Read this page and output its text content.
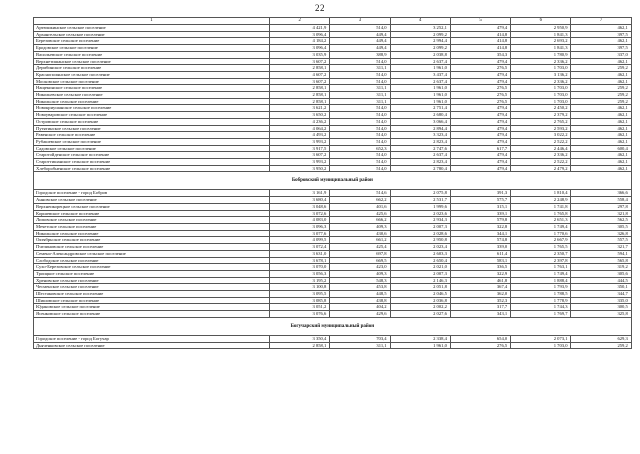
22
1	2	3	4	5	6	7
Артюшкинское сельское поселение	4 421,9	514,0	3 252,1	479,4	2 950,9	462,1
Архангельское сельское поселение	3 096,4	449,4	2 099,2	414,8	1 841,3	397,5
Березовское сельское поселение	4 184,2	449,4	2 994,4	414,8	2 693,2	462,1
Бродовское сельское поселение	3 096,4	449,4	2 099,2	414,8	1 841,3	397,5
Васильевское сельское поселение	3 035,9	388,9	2 038,8	354,3	1 780,9	337,0
Верхнетишанское сельское поселение	3 607,2	514,0	2 637,4	479,4	2 336,2	462,1
Дерибинское сельское поселение	2 858,1	311,1	1 961,0	276,5	1 703,0	259,2
Краснополянское сельское поселение	4 607,2	514,0	3 437,4	479,4	3 136,2	462,1
Московское сельское поселение	3 607,2	514,0	2 637,4	479,4	2 336,2	462,1
Нащекинское сельское поселение	2 858,1	311,1	1 961,0	276,5	1 703,0	259,2
Никольевское сельское поселение	2 858,1	311,1	1 961,0	276,5	1 703,0	259,2
Никольское сельское поселение	2 858,1	311,1	1 961,0	276,5	1 703,0	259,2
Новокриушанское сельское поселение	3 621,2	514,0	2 751,4	479,4	2 450,2	462,1
Новоуваровское сельское поселение	3 650,2	514,0	2 680,4	479,4	2 379,2	462,1
Островское сельское поселение	4 236,2	514,0	3 066,4	479,4	2 765,2	462,1
Путятинское сельское поселение	4 064,2	514,0	2 894,4	479,4	2 593,2	462,1
Равенское сельское поселение	4 493,2	514,0	3 323,4	479,4	3 022,2	462,1
Рубашевское сельское поселение	3 993,2	514,0	2 823,4	479,4	2 522,2	462,1
Садовское сельское поселение	3 917,5	652,3	2 747,6	617,7	2 446,4	600,4
Старотойденское сельское поселение	3 607,2	514,0	2 637,4	479,4	2 336,2	462,1
Староттишанское сельское поселение	3 993,2	514,0	2 823,4	479,4	2 522,2	462,1
Хлеборобненское сельское поселение	3 950,2	514,0	2 780,4	479,4	2 479,2	462,1
Бобровский муниципальный район						
Городское поселение - город Бобров	3 161,9	514,6	2 075,8	391,3	1 810,4	366,6
Анновское сельское поселение	3 680,4	662,2	2 531,7	575,7	2 248,9	558,4
Верхнеикорецкое сельское поселение	3 048,6	401,6	1 999,6	315,1	1 741,8	297,8
Коршевское сельское поселение	3 072,6	425,6	2 023,6	339,1	1 765,8	321,8
Липовское сельское поселение	4 083,0	666,2	2 934,3	579,8	2 651,3	562,5
Мечетское сельское поселение	3 096,3	409,3	2 007,3	322,8	1 749,4	305,5
Никольское сельское поселение	3 077,6	430,6	2 028,6	344,1	1 770,6	326,8
Октябрьское сельское поселение	4 099,5	661,2	2 950,8	574,8	2 667,9	557,5
Пчелиновское сельское поселение	3 072,4	425,4	2 023,4	339,0	1 765,5	321,7
Семено-Александровское сельское поселение	3 631,0	697,8	2 603,3	611,4	2 350,7	594,1
Слободское сельское поселение	3 678,1	669,5	2 650,4	583,1	2 397,8	565,8
Сухо-Березовское сельское поселение	3 070,0	423,0	2 021,0	336,5	1 763,1	319,2
Троицкое сельское поселение	3 056,3	409,3	2 007,3	322,9	1 749,4	305,6
Хреновское сельское поселение	3 195,2	548,3	2 146,3	461,8	1 888,4	444,5
Чесменское сельское поселение	3 100,8	453,8	2 051,8	367,4	1 793,9	350,1
Шестаковское сельское поселение	3 095,5	448,5	2 046,5	362,0	1 788,5	344,7
Шишовское сельское поселение	3 085,8	438,8	2 036,8	352,3	1 778,9	335,0
Юдановское сельское поселение	3 051,2	404,2	2 002,2	317,7	1 744,3	300,5
Ясенковское сельское поселение	3 076,6	429,6	2 027,6	343,1	1 769,7	325,8
Богучарский муниципальный район						
Городское поселение - город Богучар	3 350,4	703,4	2 338,4	654,0	2 073,1	629,3
Дьяченковское сельское поселение	2 858,1	311,1	1 961,0	276,5	1 703,0	259,2
